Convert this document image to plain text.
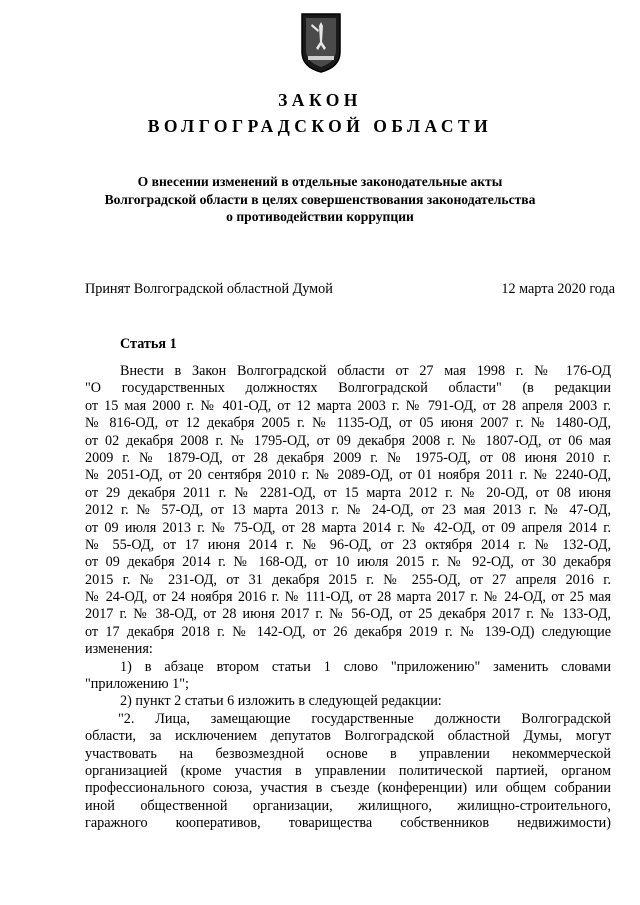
ЗАКОН
ВОЛГОГРАДСКОЙ ОБЛАСТИ
О внесении изменений в отдельные законодательные акты
Волгоградской области в целях совершенствования законодательства
о противодействии коррупции
Принят Волгоградской областной Думой	12 марта 2020 года
Статья 1
Внести в Закон Волгоградской области от 27 мая 1998 г. № 176-ОД
"О государственных должностях Волгоградской области" (в редакции
от 15 мая 2000 г. № 401-ОД, от 12 марта 2003 г. № 791-ОД, от 28 апреля 2003 г.
№ 816-ОД, от 12 декабря 2005 г. № 1135-ОД, от 05 июня 2007 г. № 1480-ОД,
от 02 декабря 2008 г. № 1795-ОД, от 09 декабря 2008 г. № 1807-ОД, от 06 мая
2009 г. № 1879-ОД, от 28 декабря 2009 г. № 1975-ОД, от 08 июня 2010 г.
№ 2051-ОД, от 20 сентября 2010 г. № 2089-ОД, от 01 ноября 2011 г. № 2240-ОД,
от 29 декабря 2011 г. № 2281-ОД, от 15 марта 2012 г. № 20-ОД, от 08 июня
2012 г. № 57-ОД, от 13 марта 2013 г. № 24-ОД, от 23 мая 2013 г. № 47-ОД,
от 09 июля 2013 г. № 75-ОД, от 28 марта 2014 г. № 42-ОД, от 09 апреля 2014 г.
№ 55-ОД, от 17 июня 2014 г. № 96-ОД, от 23 октября 2014 г. № 132-ОД,
от 09 декабря 2014 г. № 168-ОД, от 10 июля 2015 г. № 92-ОД, от 30 декабря
2015 г. № 231-ОД, от 31 декабря 2015 г. № 255-ОД, от 27 апреля 2016 г.
№ 24-ОД, от 24 ноября 2016 г. № 111-ОД, от 28 марта 2017 г. № 24-ОД, от 25 мая
2017 г. № 38-ОД, от 28 июня 2017 г. № 56-ОД, от 25 декабря 2017 г. № 133-ОД,
от 17 декабря 2018 г. № 142-ОД, от 26 декабря 2019 г. № 139-ОД) следующие
изменения:
1) в абзаце втором статьи 1 слово "приложению" заменить словами
"приложению 1";
2) пункт 2 статьи 6 изложить в следующей редакции:
"2. Лица, замещающие государственные должности Волгоградской
области, за исключением депутатов Волгоградской областной Думы, могут
участвовать на безвозмездной основе в управлении некоммерческой
организацией (кроме участия в управлении политической партией, органом
профессионального союза, участия в съезде (конференции) или общем собрании
иной общественной организации, жилищного, жилищно-строительного,
гаражного кооперативов, товарищества собственников недвижимости)
